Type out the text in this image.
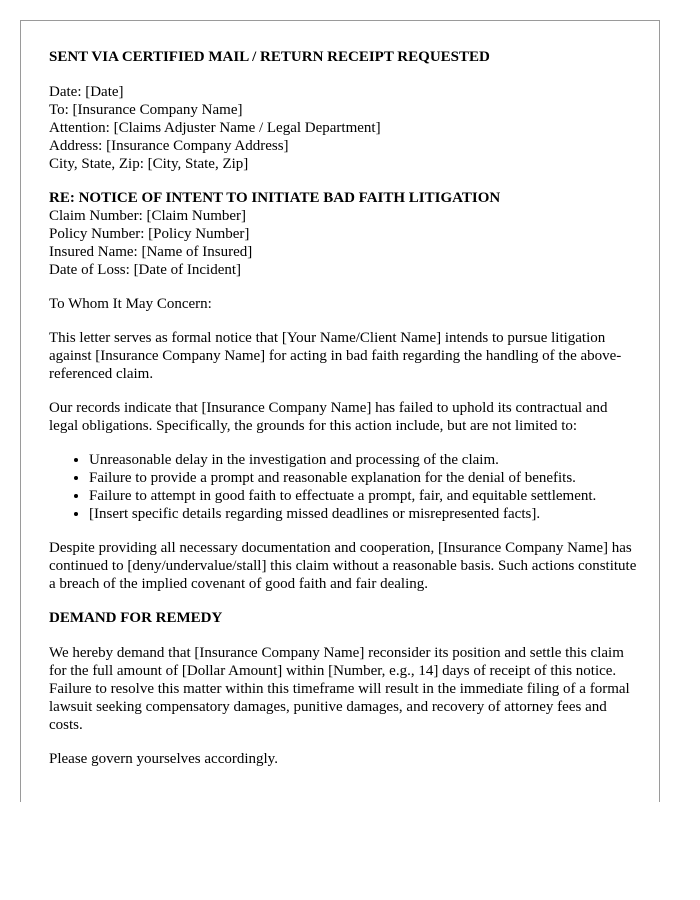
SENT VIA CERTIFIED MAIL / RETURN RECEIPT REQUESTED
Date: [Date]
To: [Insurance Company Name]
Attention: [Claims Adjuster Name / Legal Department]
Address: [Insurance Company Address]
City, State, Zip: [City, State, Zip]
RE: NOTICE OF INTENT TO INITIATE BAD FAITH LITIGATION
Claim Number: [Claim Number]
Policy Number: [Policy Number]
Insured Name: [Name of Insured]
Date of Loss: [Date of Incident]

To Whom It May Concern:

This letter serves as formal notice that [Your Name/Client Name] intends to pursue litigation against [Insurance Company Name] for acting in bad faith regarding the handling of the above-referenced claim.

Our records indicate that [Insurance Company Name] has failed to uphold its contractual and legal obligations. Specifically, the grounds for this action include, but are not limited to:

• Unreasonable delay in the investigation and processing of the claim.
• Failure to provide a prompt and reasonable explanation for the denial of benefits.
• Failure to attempt in good faith to effectuate a prompt, fair, and equitable settlement.
• [Insert specific details regarding missed deadlines or misrepresented facts].

Despite providing all necessary documentation and cooperation, [Insurance Company Name] has continued to [deny/undervalue/stall] this claim without a reasonable basis. Such actions constitute a breach of the implied covenant of good faith and fair dealing.

DEMAND FOR REMEDY

We hereby demand that [Insurance Company Name] reconsider its position and settle this claim for the full amount of [Dollar Amount] within [Number, e.g., 14] days of receipt of this notice. Failure to resolve this matter within this timeframe will result in the immediate filing of a formal lawsuit seeking compensatory damages, punitive damages, and recovery of attorney fees and costs.

Please govern yourselves accordingly.
